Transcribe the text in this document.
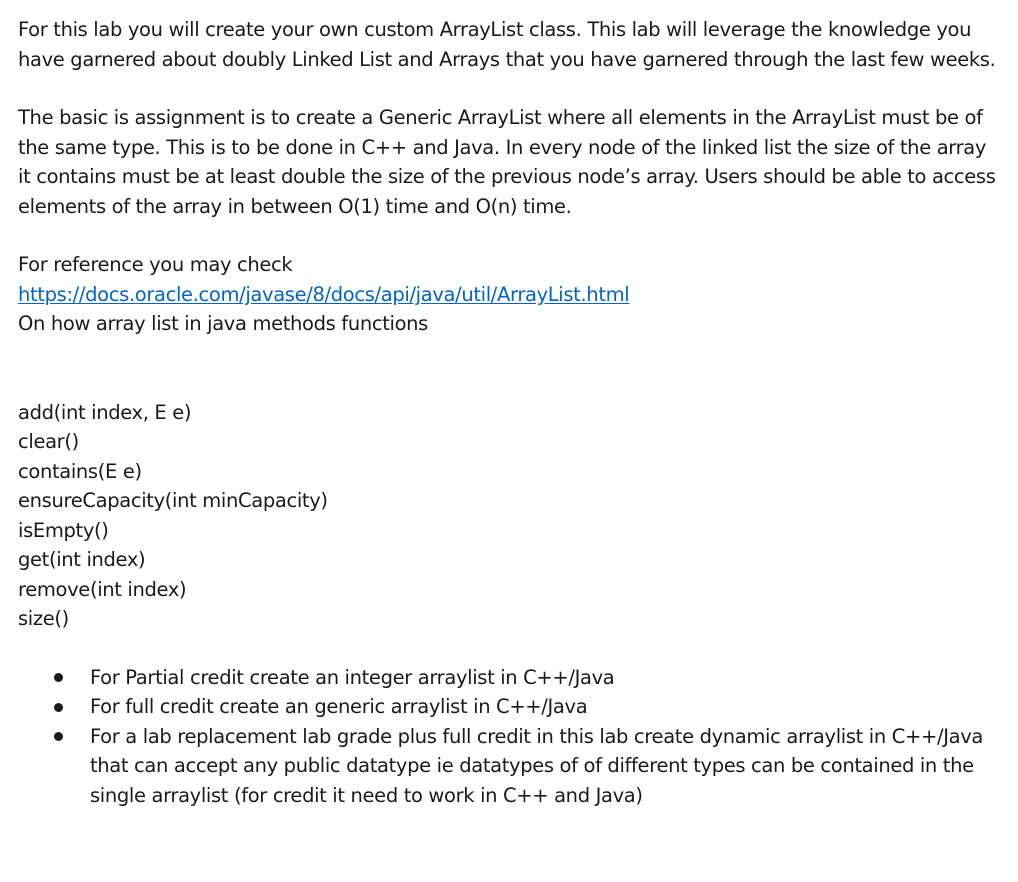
For this lab you will create your own custom ArrayList class. This lab will leverage the knowledge you have garnered about doubly Linked List and Arrays that you have garnered through the last few weeks.

The basic is assignment is to create a Generic ArrayList where all elements in the ArrayList must be of the same type. This is to be done in C++ and Java. In every node of the linked list the size of the array it contains must be at least double the size of the previous node’s array. Users should be able to access elements of the array in between O(1) time and O(n) time.

For reference you may check
https://docs.oracle.com/javase/8/docs/api/java/util/ArrayList.html
On how array list in java methods functions
add(int index, E e)
clear()
contains(E e)
ensureCapacity(int minCapacity)
isEmpty()
get(int index)
remove(int index)
size()
For Partial credit create an integer arraylist in C++/Java
For full credit create an generic arraylist in C++/Java
For a lab replacement lab grade plus full credit in this lab create dynamic arraylist in C++/Java that can accept any public datatype ie datatypes of of different types can be contained in the single arraylist (for credit it need to work in C++ and Java)
